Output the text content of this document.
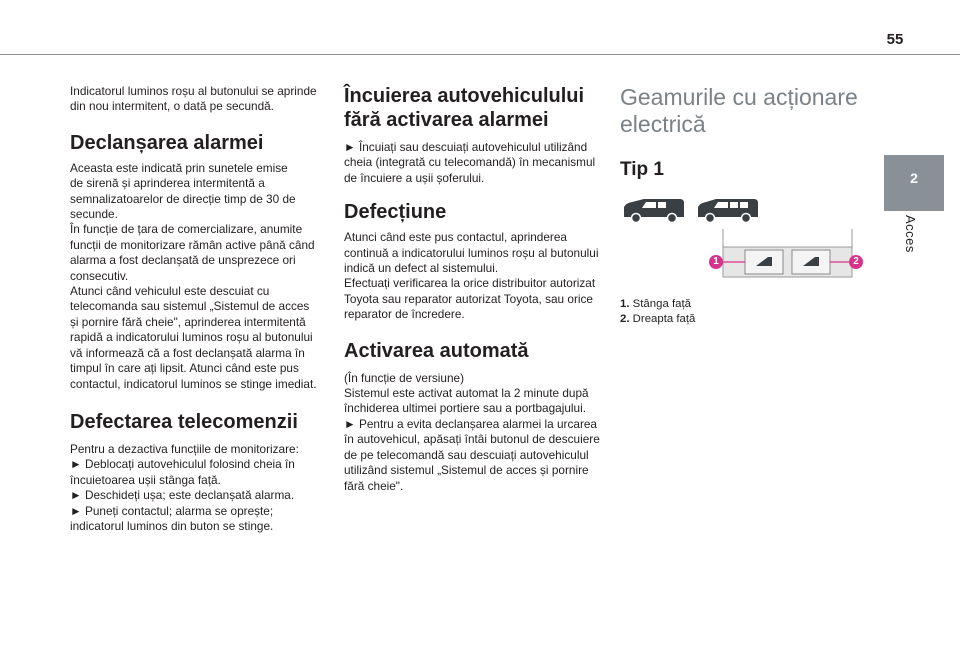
55
2
Acces

Indicatorul luminos roșu al butonului se aprinde din nou intermitent, o dată pe secundă.

Declanșarea alarmei

Aceasta este indicată prin sunetele emise

de sirenă și aprinderea intermitentă a

semnalizatoarelor de direcție timp de 30 de

secunde.

În funcție de țara de comercializare, anumite

funcții de monitorizare rămân active până când

alarma a fost declanșată de unsprezece ori

consecutiv.

Atunci când vehiculul este descuiat cu

telecomanda sau sistemul „Sistemul de acces

și pornire fără cheie", aprinderea intermitentă

rapidă a indicatorului luminos roșu al butonului

vă informează că a fost declanșată alarma în

timpul în care ați lipsit. Atunci când este pus

contactul, indicatorul luminos se stinge imediat.

Defectarea telecomenzii

Pentru a dezactiva funcțiile de monitorizare:

► Deblocați autovehiculul folosind cheia în

încuietoarea ușii stânga față.

► Deschideți ușa; este declanșată alarma.

► Puneți contactul; alarma se oprește;

indicatorul luminos din buton se stinge.

Încuierea autovehiculului fără activarea alarmei

► Încuiați sau descuiați autovehiculul utilizând

cheia (integrată cu telecomandă) în mecanismul

de încuiere a ușii șoferului.

Defecțiune

Atunci când este pus contactul, aprinderea

continuă a indicatorului luminos roșu al butonului

indică un defect al sistemului.

Efectuați verificarea la orice distribuitor autorizat

Toyota sau reparator autorizat Toyota, sau orice

reparator de încredere.

Activarea automată

(În funcție de versiune)

Sistemul este activat automat la 2 minute după

închiderea ultimei portiere sau a portbagajului.

► Pentru a evita declanșarea alarmei la urcarea

în autovehicul, apăsați întâi butonul de descuiere

de pe telecomandă sau descuiați autovehiculul

utilizând sistemul „Sistemul de acces și pornire

fără cheie".

Geamurile cu acționare
electrică
Tip 1
1	2

1. Stânga față

2. Dreapta față
